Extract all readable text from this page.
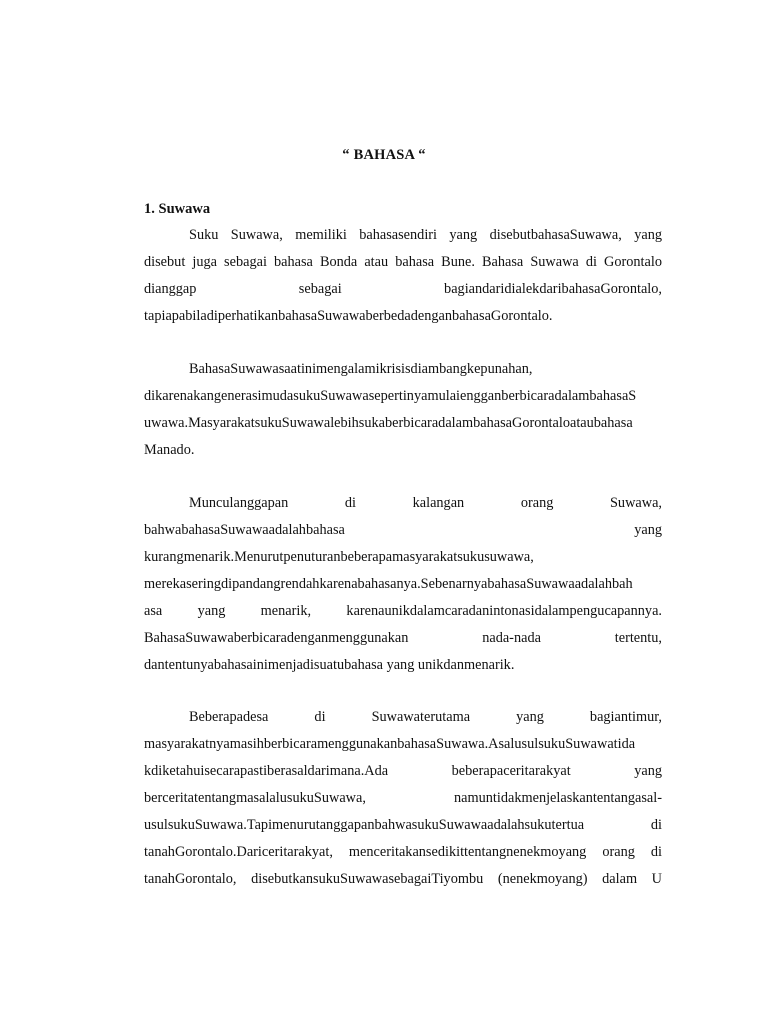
“ BAHASA “
1. Suwawa
Suku Suwawa, memiliki bahasasendiri yang disebutbahasaSuwawa, yang
disebut juga sebagai bahasa Bonda atau bahasa Bune. Bahasa Suwawa di Gorontalo
dianggap sebagai bagiandaridialekdaribahasaGorontalo,
tapiapabiladiperhatikanbahasaSuwawaberbedadenganbahasaGorontalo.
BahasaSuwawasaatinimengalamikrisisdiambangkepunahan,
dikarenakangenerasimudasukuSuwawasepertinyamulaiengganberbicaradalambahasaS
uwawa.MasyarakatsukuSuwawalebihsukaberbicaradalambahasaGorontaloataubahasa
Manado.
Munculanggapan di kalangan orang Suwawa,
bahwabahasaSuwawaadalahbahasa yang
kurangmenarik.Menurutpenuturanbeberapamasyarakatsukusuwawa,
merekaseringdipandangrendahkarenabahasanya.SebenarnyabahasaSuwawaadalahbah
asa yang menarik, karenaunikdalamcaradanintonasidalampengucapannya.
BahasaSuwawaberbicaradenganmenggunakan nada-nada tertentu,
dantentunyabahasainimenjadisuatubahasa yang unikdanmenarik.
Beberapadesa di Suwawaterutama yang bagiantimur,
masyarakatnyamasihberbicaramenggunakanbahasaSuwawa.AsalusulsukuSuwawatida
kdiketahuisecarapastiberasaldarimana.Ada beberapaceritarakyat yang
berceritatentangmasalalusukuSuwawa, namuntidakmenjelaskantentangasal-
usulsukuSuwawa.TapimenurutanggapanbahwasukuSuwawaadalahsukutertua di
tanahGorontalo.Dariceritarakyat, menceritakansedikittentangnenekmoyang orang di
tanahGorontalo, disebutkansukuSuwawasebagaiTiyombu (nenekmoyang) dalam U
